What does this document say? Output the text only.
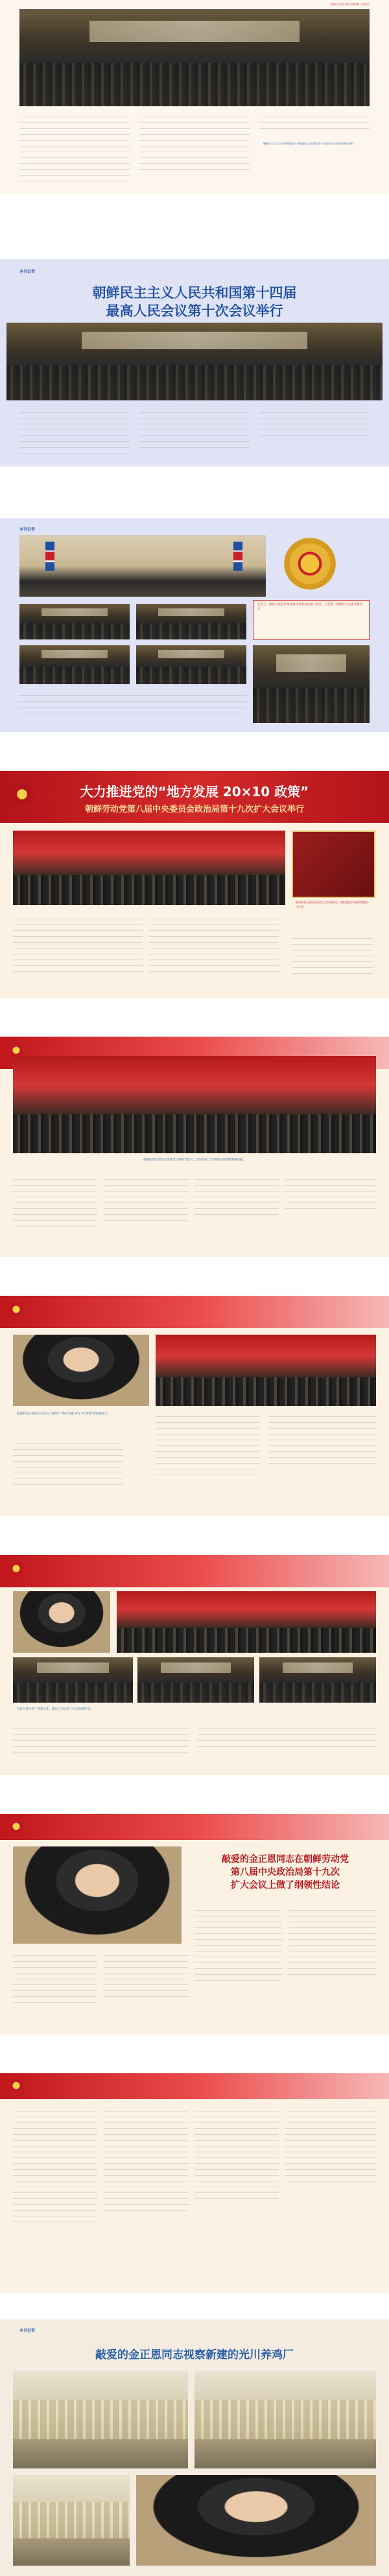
最高人民会议第十四届第十次会议
朝鲜民主主义人民共和国第十四届最高人民会议第十次会议在万寿台议事堂举行
本刊记者
朝鲜民主主义人民共和国第十四届
最高人民会议第十次会议举行
本刊记者
在会上，最高人民会议常任委员会委员长做了报告，与会者一致通过有关法令和决定。
大力推进党的“地方发展 20×10 政策”
朝鲜劳动党第八届中央委员会政治局第十九次扩大会议举行
敲爱的金正恩同志在会议上发表讲话，对推进地方发展政策提出了任务。
敲爱的金正恩同志出席会议并指导会议。会议讨论了贯彻落实党的政策的问题。
敲爱的金正恩同志在会议上阐明了“地方发展 20×10 政策”的重要意义。
会议分析评价了各项工作，提出了今后的工作方向和任务。
敲爱的金正恩同志在朝鲜劳动党
第八届中央政治局第十九次
扩大会议上做了纲领性结论
本刊记者
敲爱的金正恩同志视察新建的光川养鸡厂
